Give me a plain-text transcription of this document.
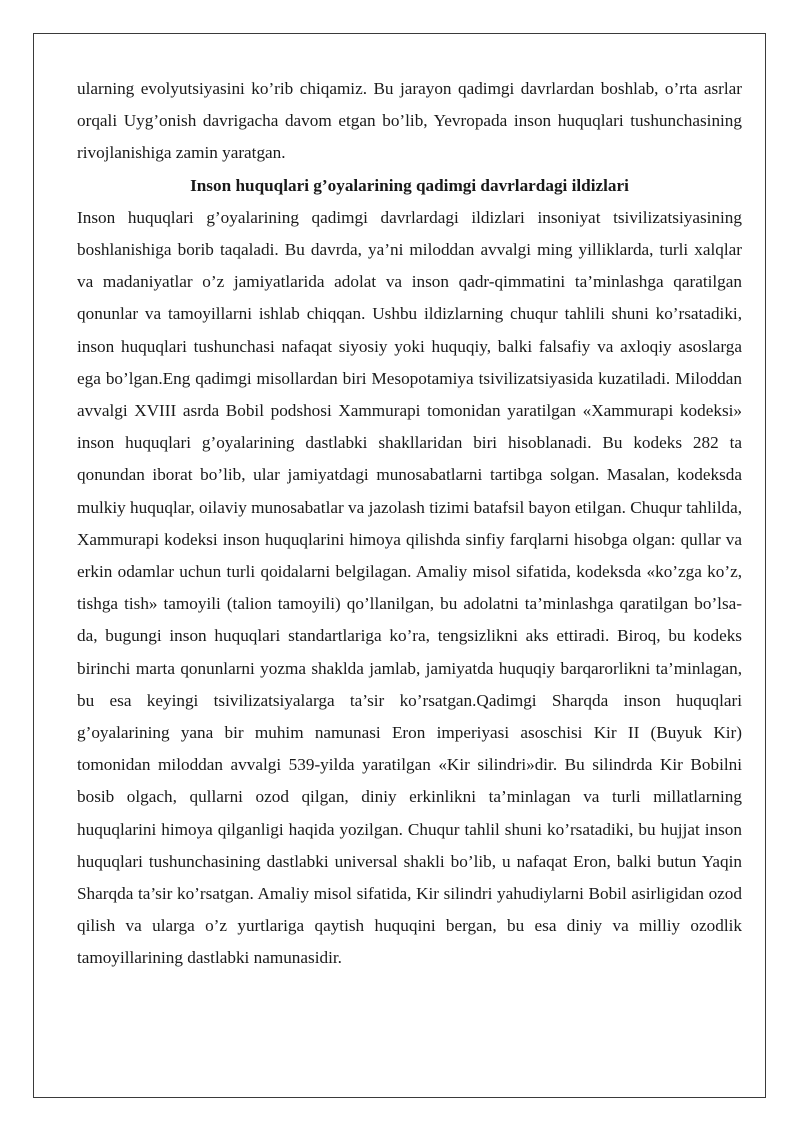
ularning evolyutsiyasini ko’rib chiqamiz. Bu jarayon qadimgi davrlardan boshlab, o’rta asrlar orqali Uyg’onish davrigacha davom etgan bo’lib, Yevropada inson huquqlari tushunchasining rivojlanishiga zamin yaratgan.

Inson huquqlari g’oyalarining qadimgi davrlardagi ildizlari

Inson huquqlari g’oyalarining qadimgi davrlardagi ildizlari insoniyat tsivilizatsiyasining boshlanishiga borib taqaladi. Bu davrda, ya’ni miloddan avvalgi ming yilliklarda, turli xalqlar va madaniyatlar o’z jamiyatlarida adolat va inson qadr-qimmatini ta’minlashga qaratilgan qonunlar va tamoyillarni ishlab chiqqan. Ushbu ildizlarning chuqur tahlili shuni ko’rsatadiki, inson huquqlari tushunchasi nafaqat siyosiy yoki huquqiy, balki falsafiy va axloqiy asoslarga ega bo’lgan.Eng qadimgi misollardan biri Mesopotamiya tsivilizatsiyasida kuzatiladi. Miloddan avvalgi XVIII asrda Bobil podshosi Xammurapi tomonidan yaratilgan «Xammurapi kodeksi» inson huquqlari g’oyalarining dastlabki shakllaridan biri hisoblanadi. Bu kodeks 282 ta qonundan iborat bo’lib, ular jamiyatdagi munosabatlarni tartibga solgan. Masalan, kodeksda mulkiy huquqlar, oilaviy munosabatlar va jazolash tizimi batafsil bayon etilgan. Chuqur tahlilda, Xammurapi kodeksi inson huquqlarini himoya qilishda sinfiy farqlarni hisobga olgan: qullar va erkin odamlar uchun turli qoidalarni belgilagan. Amaliy misol sifatida, kodeksda «ko’zga ko’z, tishga tish» tamoyili (talion tamoyili) qo’llanilgan, bu adolatni ta’minlashga qaratilgan bo’lsa-da, bugungi inson huquqlari standartlariga ko’ra, tengsizlikni aks ettiradi. Biroq, bu kodeks birinchi marta qonunlarni yozma shaklda jamlab, jamiyatda huquqiy barqarorlikni ta’minlagan, bu esa keyingi tsivilizatsiyalarga ta’sir ko’rsatgan.Qadimgi Sharqda inson huquqlari g’oyalarining yana bir muhim namunasi Eron imperiyasi asoschisi Kir II (Buyuk Kir) tomonidan miloddan avvalgi 539-yilda yaratilgan «Kir silindri»dir. Bu silindrda Kir Bobilni bosib olgach, qullarni ozod qilgan, diniy erkinlikni ta’minlagan va turli millatlarning huquqlarini himoya qilganligi haqida yozilgan. Chuqur tahlil shuni ko’rsatadiki, bu hujjat inson huquqlari tushunchasining dastlabki universal shakli bo’lib, u nafaqat Eron, balki butun Yaqin Sharqda ta’sir ko’rsatgan. Amaliy misol sifatida, Kir silindri yahudiylarni Bobil asirligidan ozod qilish va ularga o’z yurtlariga qaytish huquqini bergan, bu esa diniy va milliy ozodlik tamoyillarining dastlabki namunasidir.
